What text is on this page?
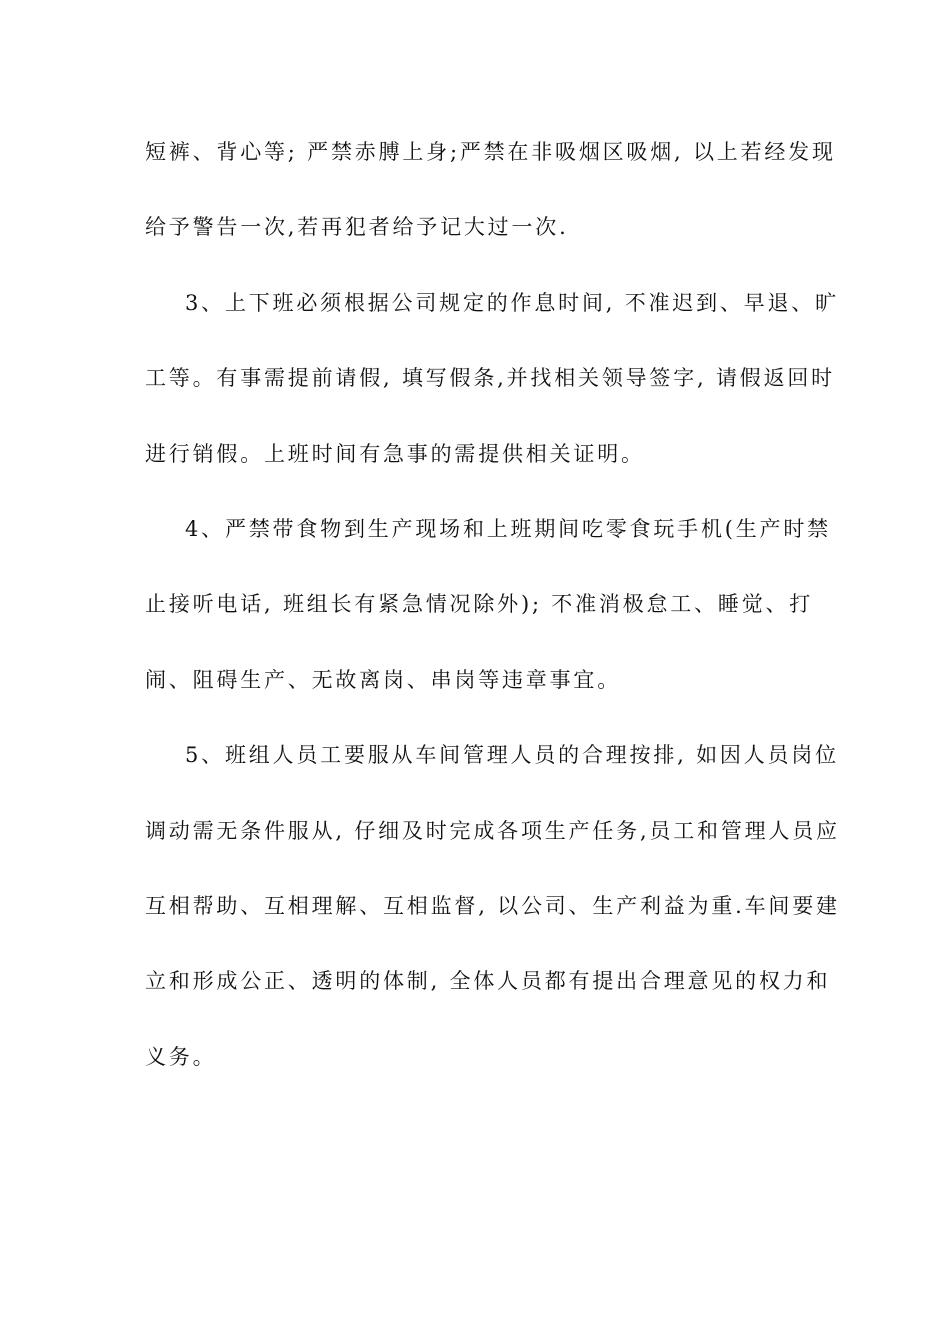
短裤、背心等; 严禁赤膊上身;严禁在非吸烟区吸烟, 以上若经发现
给予警告一次,若再犯者给予记大过一次.
3、上下班必须根据公司规定的作息时间, 不准迟到、早退、旷
工等。有事需提前请假, 填写假条,并找相关领导签字, 请假返回时
进行销假。上班时间有急事的需提供相关证明。
4、严禁带食物到生产现场和上班期间吃零食玩手机(生产时禁
止接听电话, 班组长有紧急情况除外); 不准消极怠工、睡觉、打
闹、阻碍生产、无故离岗、串岗等违章事宜。
5、班组人员工要服从车间管理人员的合理按排, 如因人员岗位
调动需无条件服从, 仔细及时完成各项生产任务,员工和管理人员应
互相帮助、互相理解、互相监督, 以公司、生产利益为重.车间要建
立和形成公正、透明的体制, 全体人员都有提出合理意见的权力和
义务。
